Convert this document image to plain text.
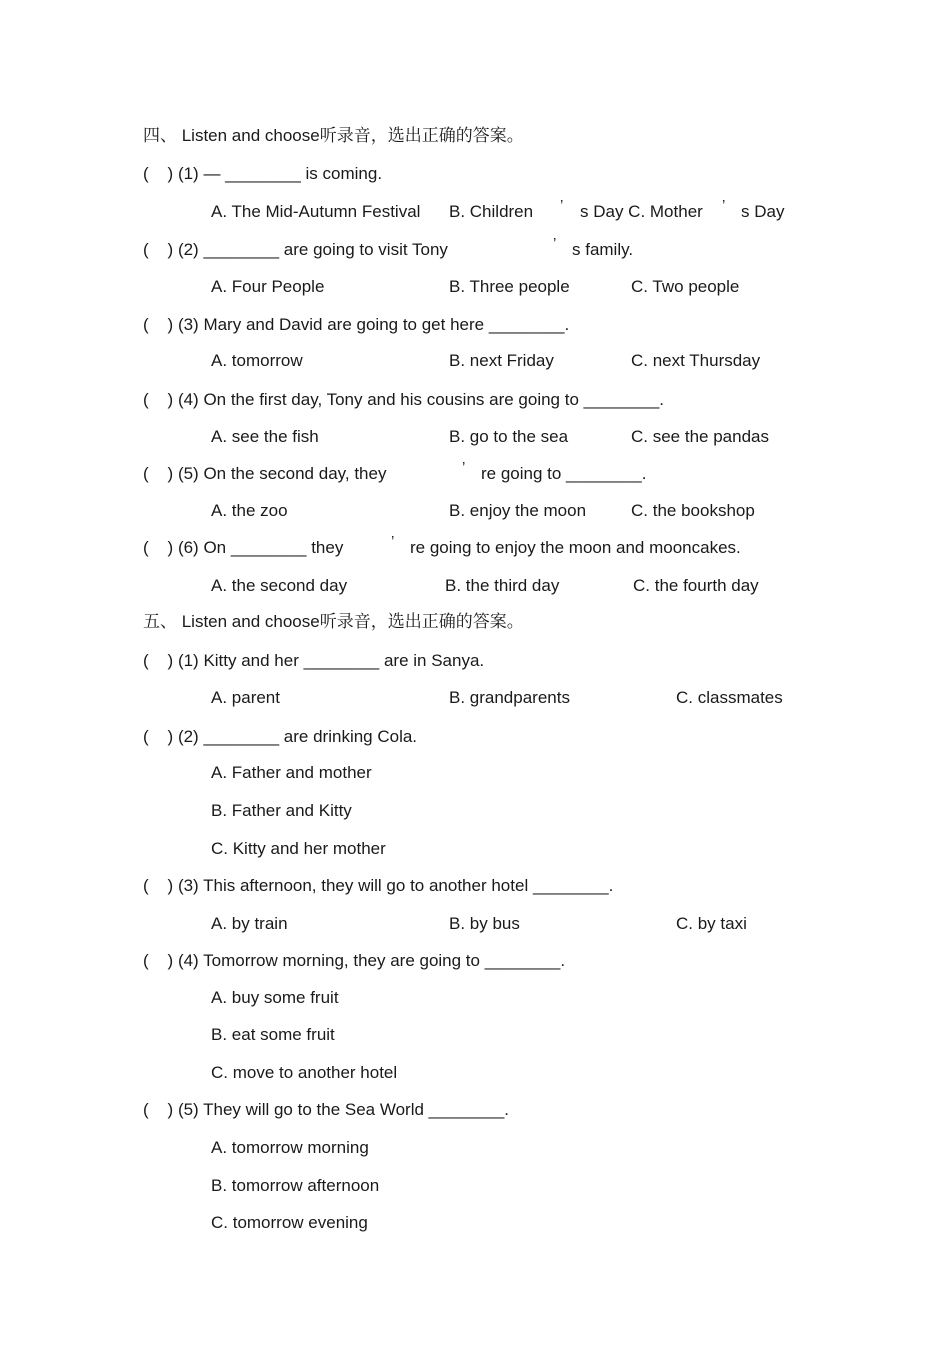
四、 Listen and choose听录音，选出正确的答案。
(    ) (1) — ________ is coming.
A. The Mid-Autumn Festival B. Children ’ s Day C. Mother ’ s Day
(    ) (2) ________ are going to visit Tony	’ s family.
A. Four People	B. Three people	C. Two people
(    ) (3) Mary and David are going to get here ________.
A. tomorrow	B. next Friday	C. next Thursday
(    ) (4) On the first day, Tony and his cousins are going to ________.
A. see the fish	B. go to the sea	C. see the pandas
(    ) (5) On the second day, they	’ re going to ________.
A. the zoo	B. enjoy the moon	C. the bookshop
(    ) (6) On ________ they	’ re going to enjoy the moon and mooncakes.
A. the second day	B. the third day	C. the fourth day
五、 Listen and choose听录音，选出正确的答案。
(    ) (1) Kitty and her ________ are in Sanya.
A. parent	B. grandparents	C. classmates
(    ) (2) ________ are drinking Cola.
A. Father and mother
B. Father and Kitty
C. Kitty and her mother
(    ) (3) This afternoon, they will go to another hotel ________.
A. by train	B. by bus	C. by taxi
(    ) (4) Tomorrow morning, they are going to ________.
A. buy some fruit
B. eat some fruit
C. move to another hotel
(    ) (5) They will go to the Sea World ________.
A. tomorrow morning
B. tomorrow afternoon
C. tomorrow evening
